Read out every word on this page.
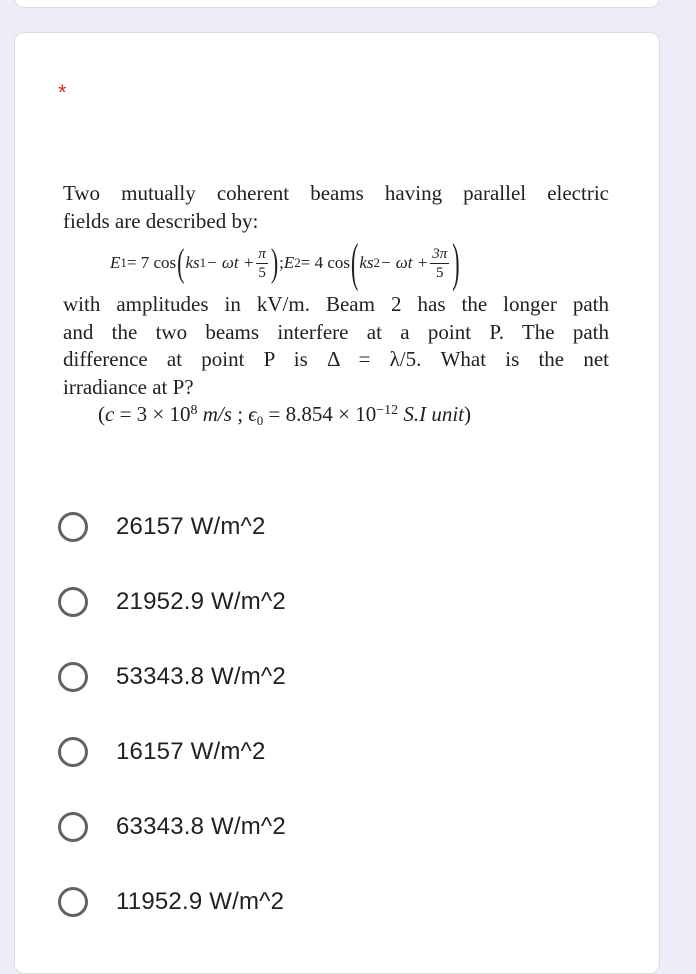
*
Two mutually coherent beams having parallel electric
fields are described by:
E 1 = 7 cos ( ks $1 - \omega t + \frac{\pi}{5}$ ) ; E 2 = 4 cos ( ks $2 - \omega t + \frac{3\pi}{5}$ )
with amplitudes in kV/m. Beam 2 has the longer path
and the two beams interfere at a point P. The path
difference at point P is Δ = λ/5. What is the net
irradiance at P?
($c = 3 \times 10^8$ m/s ; $\epsilon_0 = 8.854 \times 10^{-12}$ S.I unit)
26157 W/m^2
21952.9 W/m^2
53343.8 W/m^2
16157 W/m^2
63343.8 W/m^2
11952.9 W/m^2
